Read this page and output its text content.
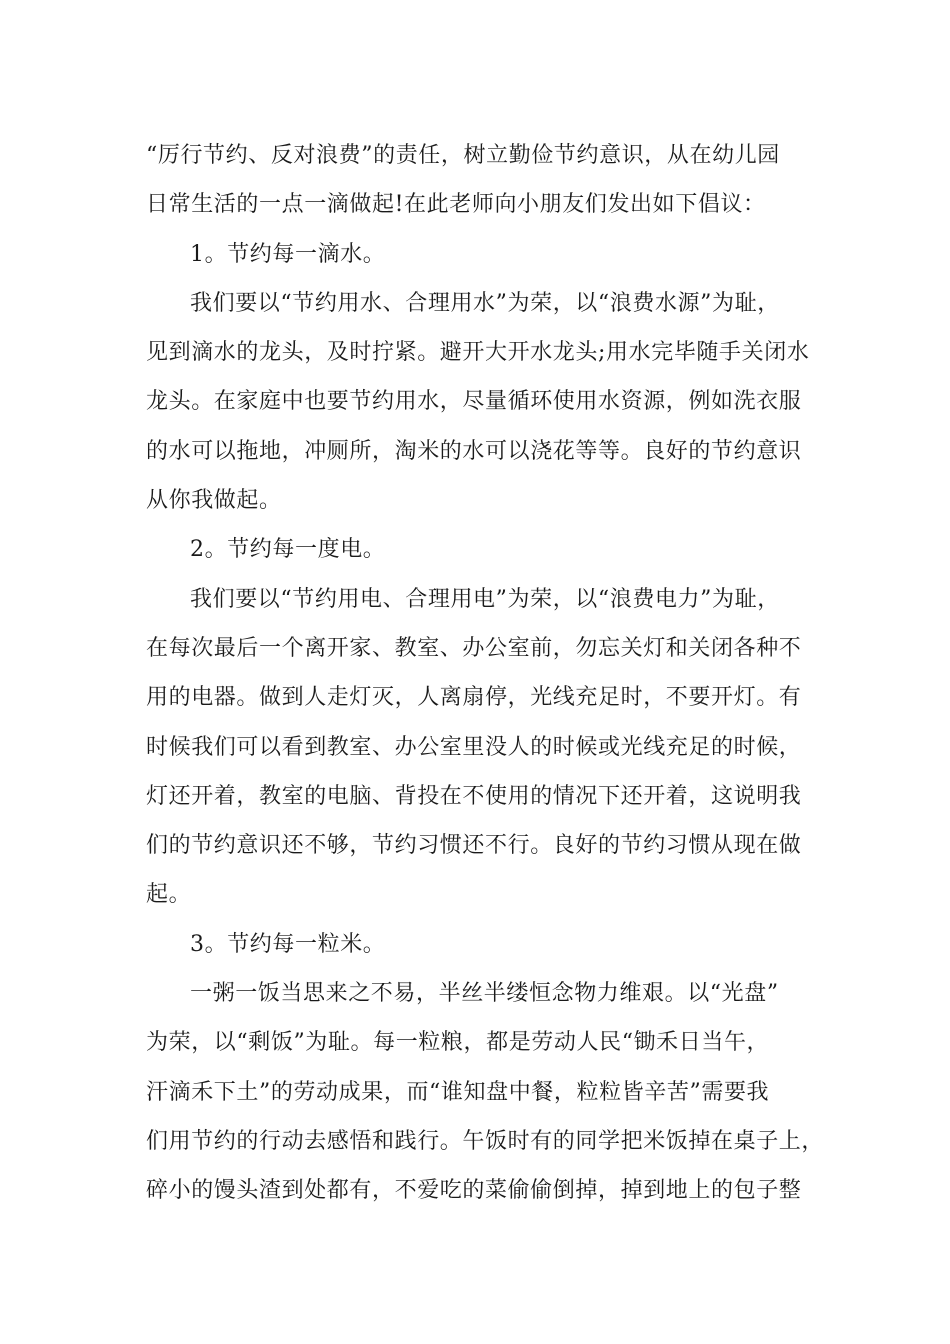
“厉行节约、反对浪费”的责任，树立勤俭节约意识，从在幼儿园
日常生活的一点一滴做起!在此老师向小朋友们发出如下倡议：
1。节约每一滴水。
我们要以“节约用水、合理用水”为荣，以“浪费水源”为耻，
见到滴水的龙头，及时拧紧。避开大开水龙头;用水完毕随手关闭水
龙头。在家庭中也要节约用水，尽量循环使用水资源，例如洗衣服
的水可以拖地，冲厕所，淘米的水可以浇花等等。良好的节约意识
从你我做起。
2。节约每一度电。
我们要以“节约用电、合理用电”为荣，以“浪费电力”为耻，
在每次最后一个离开家、教室、办公室前，勿忘关灯和关闭各种不
用的电器。做到人走灯灭，人离扇停，光线充足时，不要开灯。有
时候我们可以看到教室、办公室里没人的时候或光线充足的时候，
灯还开着，教室的电脑、背投在不使用的情况下还开着，这说明我
们的节约意识还不够，节约习惯还不行。良好的节约习惯从现在做
起。
3。节约每一粒米。
一粥一饭当思来之不易，半丝半缕恒念物力维艰。以“光盘”
为荣，以“剩饭”为耻。每一粒粮，都是劳动人民“锄禾日当午，
汗滴禾下土”的劳动成果，而“谁知盘中餐，粒粒皆辛苦”需要我
们用节约的行动去感悟和践行。午饭时有的同学把米饭掉在桌子上，
碎小的馒头渣到处都有，不爱吃的菜偷偷倒掉，掉到地上的包子整
